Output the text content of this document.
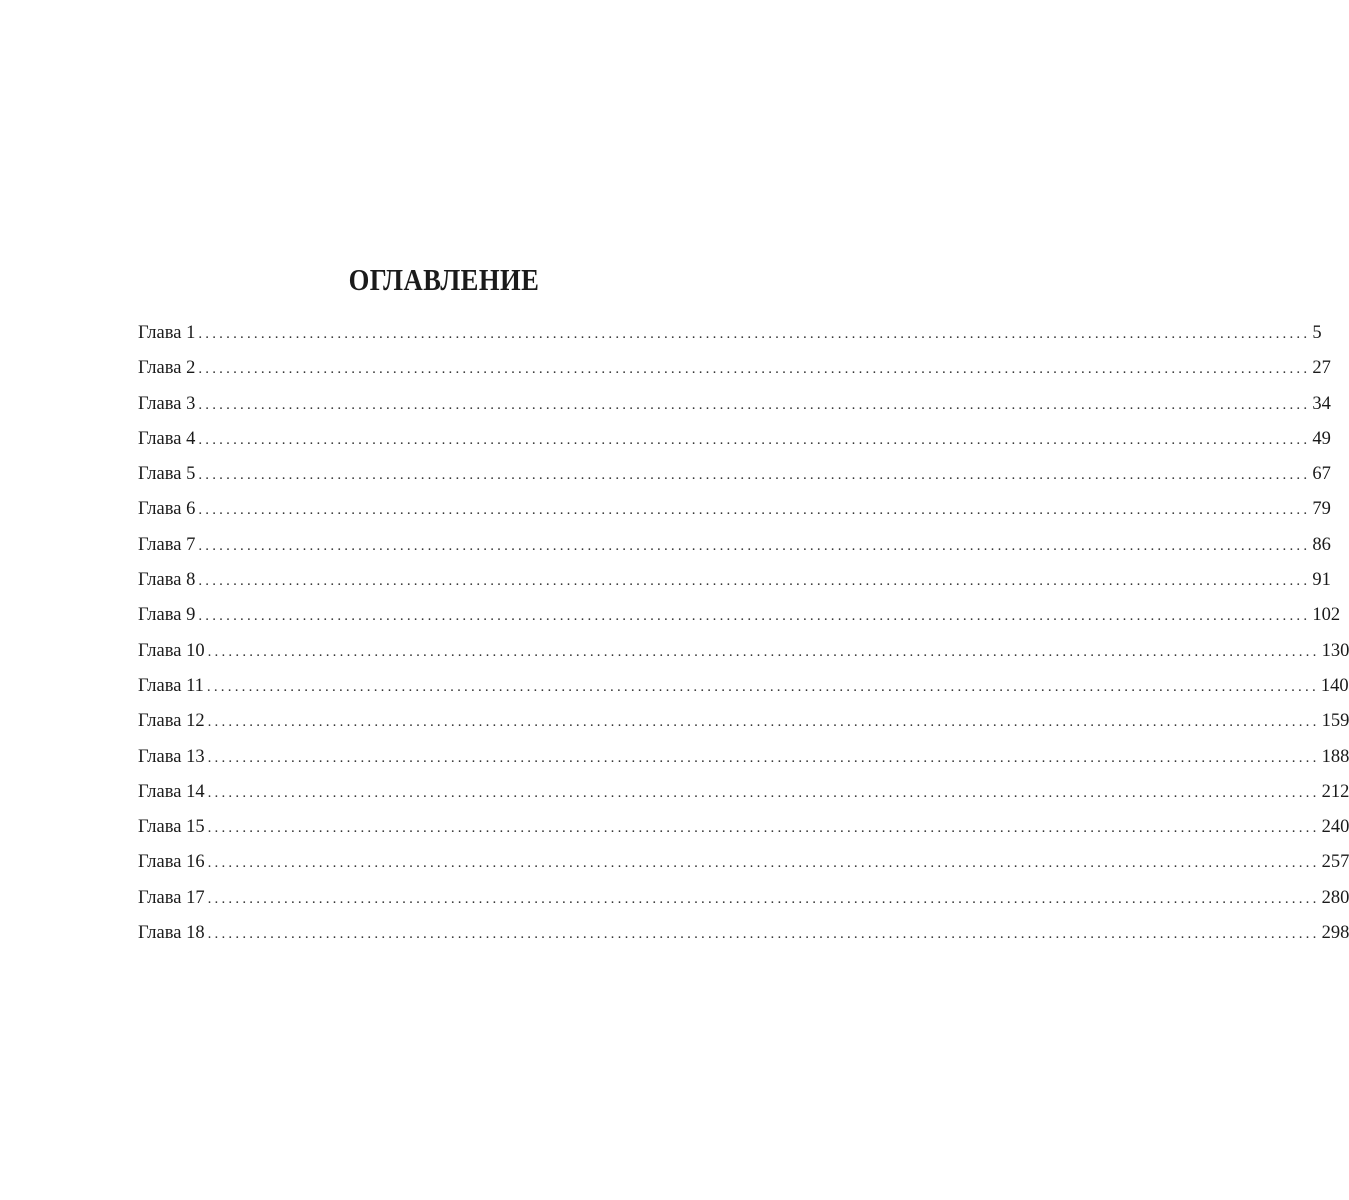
ОГЛАВЛЕНИЕ
Глава 1 ................................................................................................................................................................ 5
Глава 2 ................................................................................................................................................................ 27
Глава 3 ................................................................................................................................................................ 34
Глава 4 ................................................................................................................................................................ 49
Глава 5 ................................................................................................................................................................ 67
Глава 6 ................................................................................................................................................................ 79
Глава 7 ................................................................................................................................................................ 86
Глава 8 ................................................................................................................................................................ 91
Глава 9 ................................................................................................................................................................ 102
Глава 10 ................................................................................................................................................................ 130
Глава 11 ................................................................................................................................................................ 140
Глава 12 ................................................................................................................................................................ 159
Глава 13 ................................................................................................................................................................ 188
Глава 14 ................................................................................................................................................................ 212
Глава 15 ................................................................................................................................................................ 240
Глава 16 ................................................................................................................................................................ 257
Глава 17 ................................................................................................................................................................ 280
Глава 18 ................................................................................................................................................................ 298
